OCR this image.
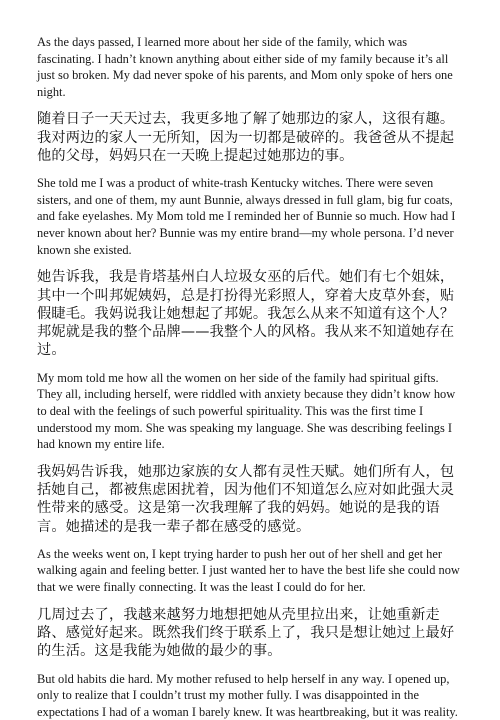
As the days passed, I learned more about her side of the family, which was fascinating. I hadn’t known anything about either side of my family because it’s all just so broken. My dad never spoke of his parents, and Mom only spoke of hers one night.

随着日子一天天过去，我更多地了解了她那边的家人，这很有趣。我对两边的家人一无所知，因为一切都是破碎的。我爸爸从不提起他的父母，妈妈只在一天晚上提起过她那边的事。

She told me I was a product of white-trash Kentucky witches. There were seven sisters, and one of them, my aunt Bunnie, always dressed in full glam, big fur coats, and fake eyelashes. My Mom told me I reminded her of Bunnie so much. How had I never known about her? Bunnie was my entire brand—my whole persona. I’d never known she existed.

她告诉我，我是肯塔基州白人垃圾女巫的后代。她们有七个姐妹，其中一个叫邦妮姨妈，总是打扮得光彩照人，穿着大皮草外套，贴假睫毛。我妈说我让她想起了邦妮。我怎么从来不知道有这个人？邦妮就是我的整个品牌——我整个人的风格。我从来不知道她存在过。

My mom told me how all the women on her side of the family had spiritual gifts. They all, including herself, were riddled with anxiety because they didn’t know how to deal with the feelings of such powerful spirituality. This was the first time I understood my mom. She was speaking my language. She was describing feelings I had known my entire life.

我妈妈告诉我，她那边家族的女人都有灵性天赋。她们所有人，包括她自己，都被焦虑困扰着，因为他们不知道怎么应对如此强大灵性带来的感受。这是第一次我理解了我的妈妈。她说的是我的语言。她描述的是我一辈子都在感受的感觉。

As the weeks went on, I kept trying harder to push her out of her shell and get her walking again and feeling better. I just wanted her to have the best life she could now that we were finally connecting. It was the least I could do for her.

几周过去了，我越来越努力地想把她从壳里拉出来，让她重新走路、感觉好起来。既然我们终于联系上了，我只是想让她过上最好的生活。这是我能为她做的最少的事。

But old habits die hard. My mother refused to help herself in any way. I opened up, only to realize that I couldn’t trust my mother fully. I was disappointed in the expectations I had of a woman I barely knew. It was heartbreaking, but it was reality.
